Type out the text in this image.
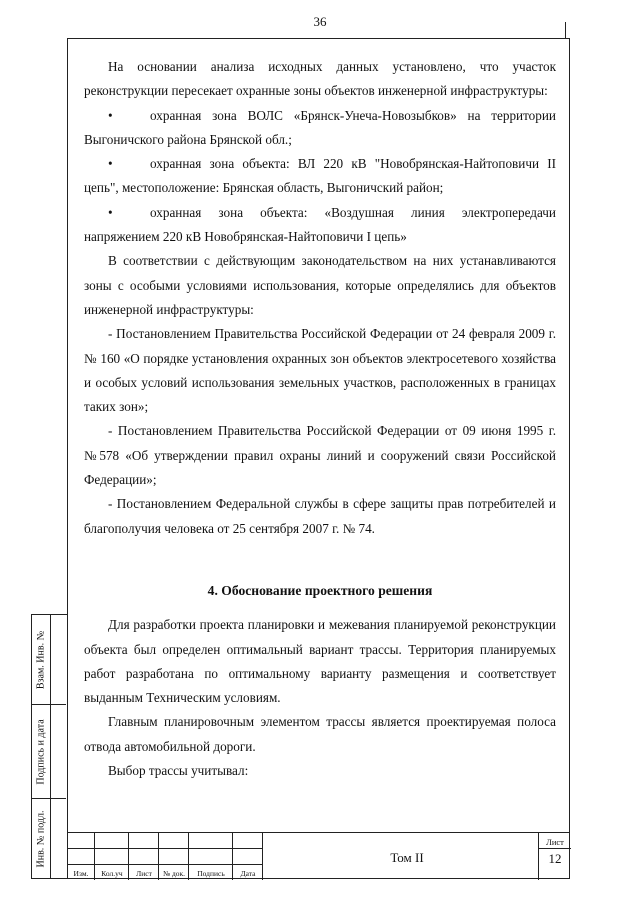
36
Взам. Инв. №
Подпись и дата
Инв. № подл.

На основании анализа исходных данных установлено, что участок реконструкции пересекает охранные зоны объектов инженерной инфраструктуры:

•	охранная зона ВОЛС «Брянск-Унеча-Новозыбков» на территории Выгоничского района Брянской обл.;

•	охранная зона объекта: ВЛ 220 кВ "Новобрянская-Найтоповичи II цепь", местоположение: Брянская область, Выгоничский район;

•	охранная зона объекта: «Воздушная линия электропередачи напряжением 220 кВ Новобрянская-Найтоповичи I цепь»

В соответствии с действующим законодательством на них устанавливаются зоны с особыми условиями использования, которые определялись для объектов инженерной инфраструктуры:

- Постановлением Правительства Российской Федерации от 24 февраля 2009 г. № 160 «О порядке установления охранных зон объектов электросетевого хозяйства и особых условий использования земельных участков, расположенных в границах таких зон»;

- Постановлением Правительства Российской Федерации от 09 июня 1995 г. №578 «Об утверждении правил охраны линий и сооружений связи Российской Федерации»;

- Постановлением Федеральной службы в сфере защиты прав потребителей и благополучия человека от 25 сентября 2007 г. № 74.

4. Обоснование проектного решения

Для разработки проекта планировки и межевания планируемой реконструкции объекта был определен оптимальный вариант трассы. Территория планируемых работ разработана по оптимальному варианту размещения и соответствует выданным Техническим условиям.

Главным планировочным элементом трассы является проектируемая полоса отвода автомобильной дороги.

Выбор трассы учитывал:

Изм.	Кол.уч	Лист	№ док.	Подпись	Дата
Том II
Лист
12
